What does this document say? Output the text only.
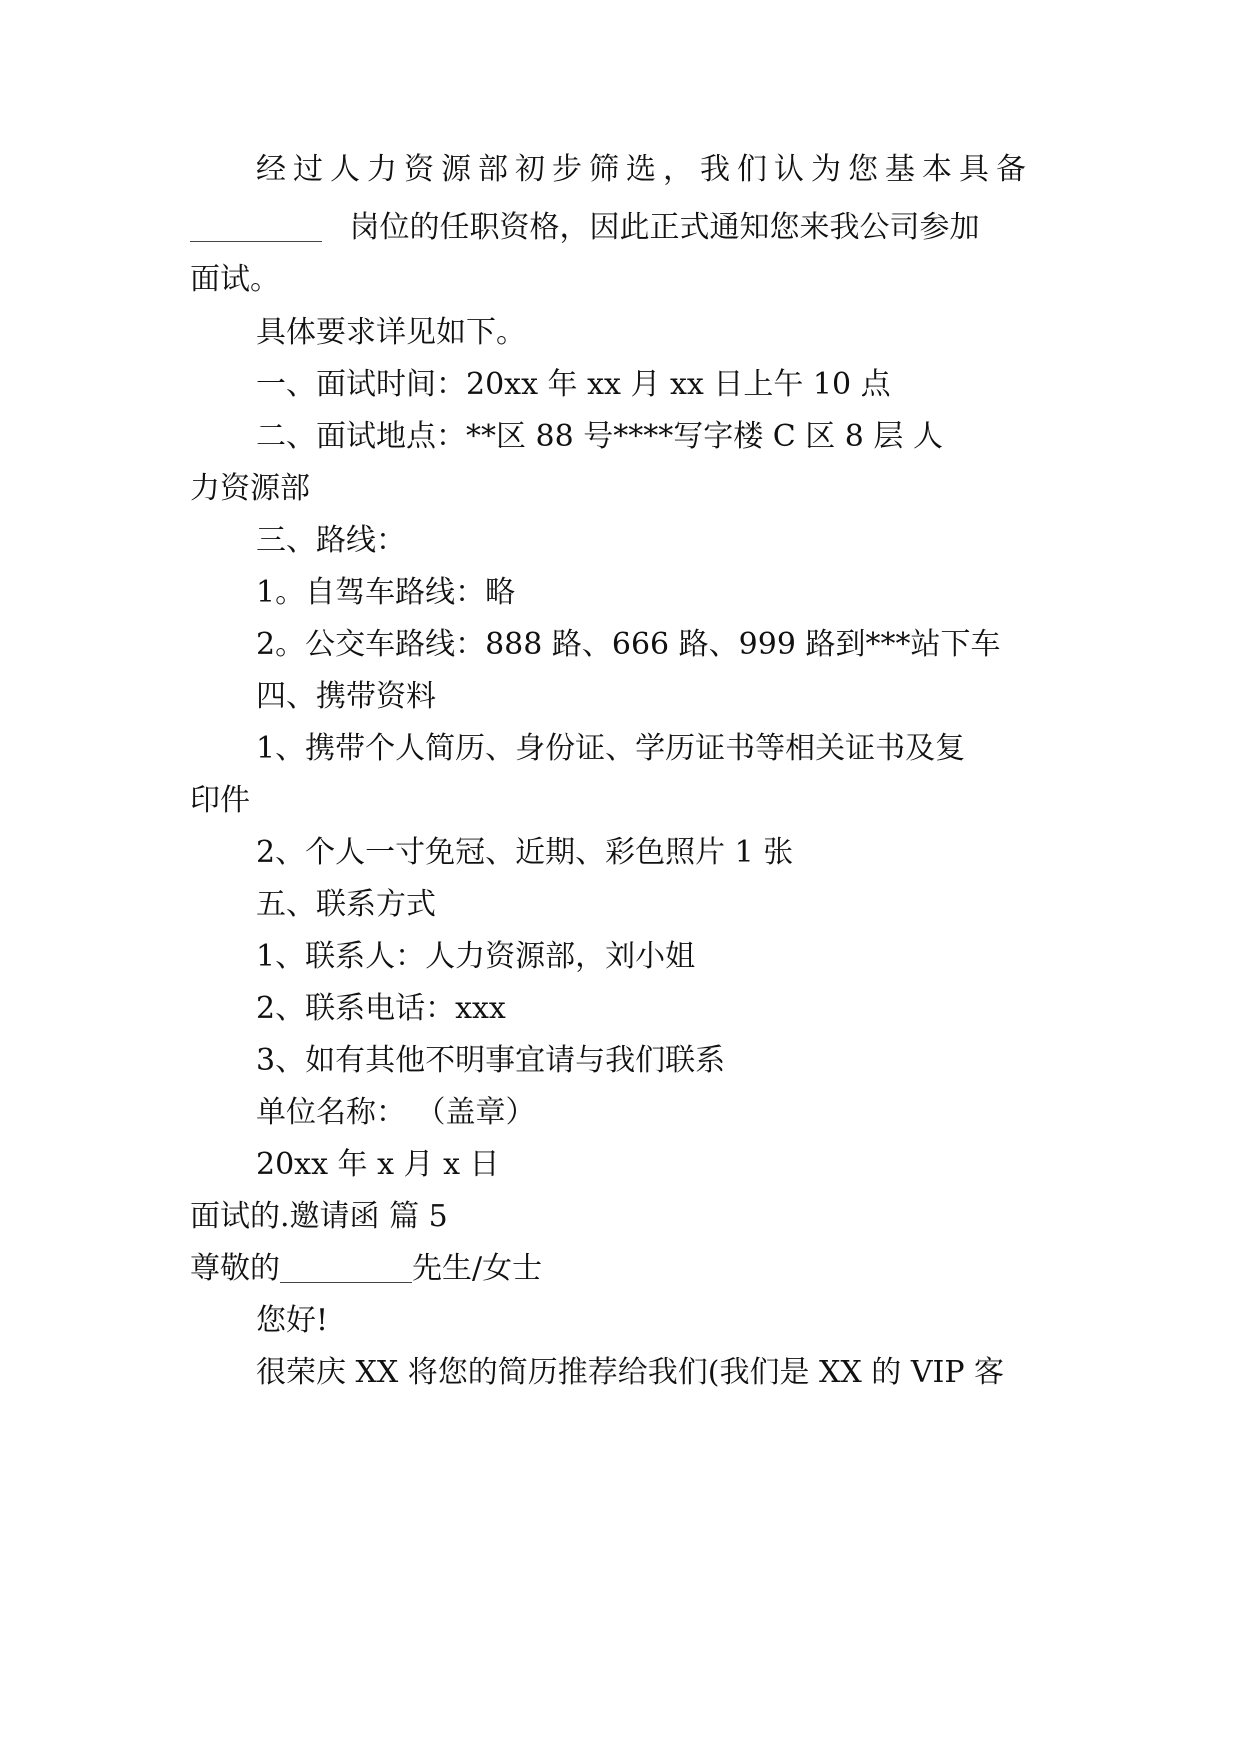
经过人力资源部初步筛选，我们认为您基本具备
岗位的任职资格，因此正式通知您来我公司参加
面试。
具体要求详见如下。
一、面试时间：20xx 年 xx 月 xx 日上午 10 点
二、面试地点：**区 88 号****写字楼 C 区 8 层 人
力资源部
三、路线：
1。自驾车路线：略
2。公交车路线：888 路、666 路、999 路到***站下车
四、携带资料
1、携带个人简历、身份证、学历证书等相关证书及复
印件
2、个人一寸免冠、近期、彩色照片 1 张
五、联系方式
1、联系人：人力资源部，刘小姐
2、联系电话：xxx
3、如有其他不明事宜请与我们联系
单位名称： （盖章）
20xx 年 x 月 x 日
面试的.邀请函 篇 5
尊敬的	先生/女士
您好!
很荣庆 XX 将您的简历推荐给我们(我们是 XX 的 VIP 客
